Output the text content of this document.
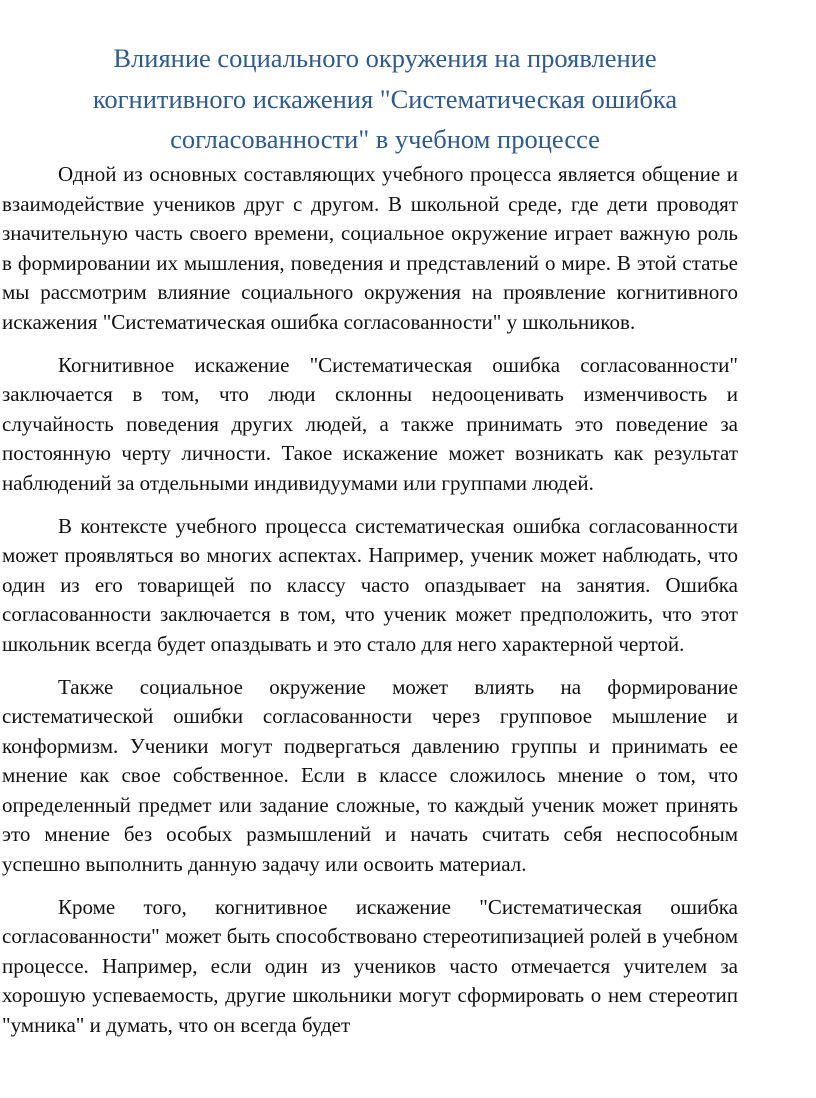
Влияние социального окружения на проявление когнитивного искажения "Систематическая ошибка согласованности" в учебном процессе

Одной из основных составляющих учебного процесса является общение и взаимодействие учеников друг с другом. В школьной среде, где дети проводят значительную часть своего времени, социальное окружение играет важную роль в формировании их мышления, поведения и представлений о мире. В этой статье мы рассмотрим влияние социального окружения на проявление когнитивного искажения "Систематическая ошибка согласованности" у школьников.

Когнитивное искажение "Систематическая ошибка согласованности" заключается в том, что люди склонны недооценивать изменчивость и случайность поведения других людей, а также принимать это поведение за постоянную черту личности. Такое искажение может возникать как результат наблюдений за отдельными индивидуумами или группами людей.

В контексте учебного процесса систематическая ошибка согласованности может проявляться во многих аспектах. Например, ученик может наблюдать, что один из его товарищей по классу часто опаздывает на занятия. Ошибка согласованности заключается в том, что ученик может предположить, что этот школьник всегда будет опаздывать и это стало для него характерной чертой.

Также социальное окружение может влиять на формирование систематической ошибки согласованности через групповое мышление и конформизм. Ученики могут подвергаться давлению группы и принимать ее мнение как свое собственное. Если в классе сложилось мнение о том, что определенный предмет или задание сложные, то каждый ученик может принять это мнение без особых размышлений и начать считать себя неспособным успешно выполнить данную задачу или освоить материал.

Кроме того, когнитивное искажение "Систематическая ошибка согласованности" может быть способствовано стереотипизацией ролей в учебном процессе. Например, если один из учеников часто отмечается учителем за хорошую успеваемость, другие школьники могут сформировать о нем стереотип "умника" и думать, что он всегда будет
